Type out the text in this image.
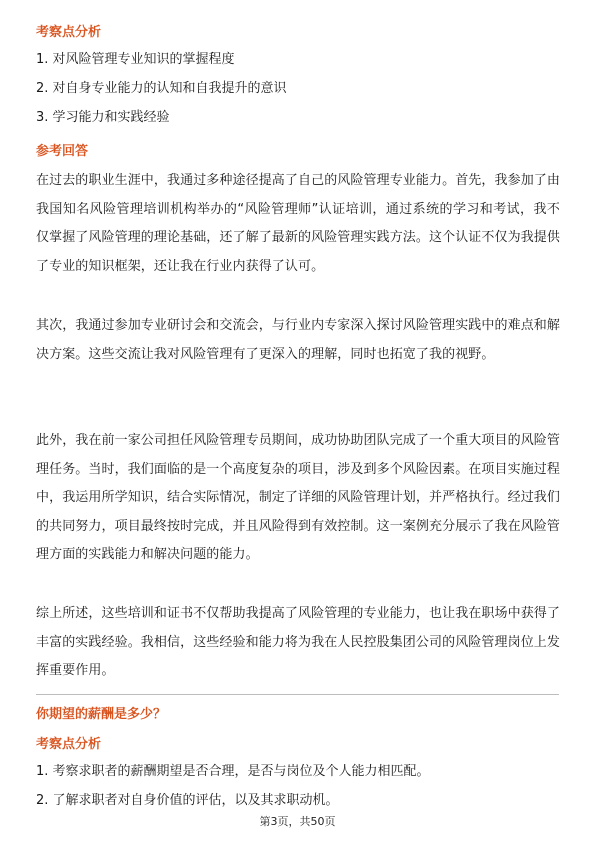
考察点分析
1. 对风险管理专业知识的掌握程度
2. 对自身专业能力的认知和自我提升的意识
3. 学习能力和实践经验
参考回答
在过去的职业生涯中，我通过多种途径提高了自己的风险管理专业能力。首先，我参加了由我国知名风险管理培训机构举办的“风险管理师”认证培训，通过系统的学习和考试，我不仅掌握了风险管理的理论基础，还了解了最新的风险管理实践方法。这个认证不仅为我提供了专业的知识框架，还让我在行业内获得了认可。
其次，我通过参加专业研讨会和交流会，与行业内专家深入探讨风险管理实践中的难点和解决方案。这些交流让我对风险管理有了更深入的理解，同时也拓宽了我的视野。
此外，我在前一家公司担任风险管理专员期间，成功协助团队完成了一个重大项目的风险管理任务。当时，我们面临的是一个高度复杂的项目，涉及到多个风险因素。在项目实施过程中，我运用所学知识，结合实际情况，制定了详细的风险管理计划，并严格执行。经过我们的共同努力，项目最终按时完成，并且风险得到有效控制。这一案例充分展示了我在风险管理方面的实践能力和解决问题的能力。
综上所述，这些培训和证书不仅帮助我提高了风险管理的专业能力，也让我在职场中获得了丰富的实践经验。我相信，这些经验和能力将为我在人民控股集团公司的风险管理岗位上发挥重要作用。
你期望的薪酬是多少？
考察点分析
1. 考察求职者的薪酬期望是否合理，是否与岗位及个人能力相匹配。
2. 了解求职者对自身价值的评估，以及其求职动机。
第3页，共50页
